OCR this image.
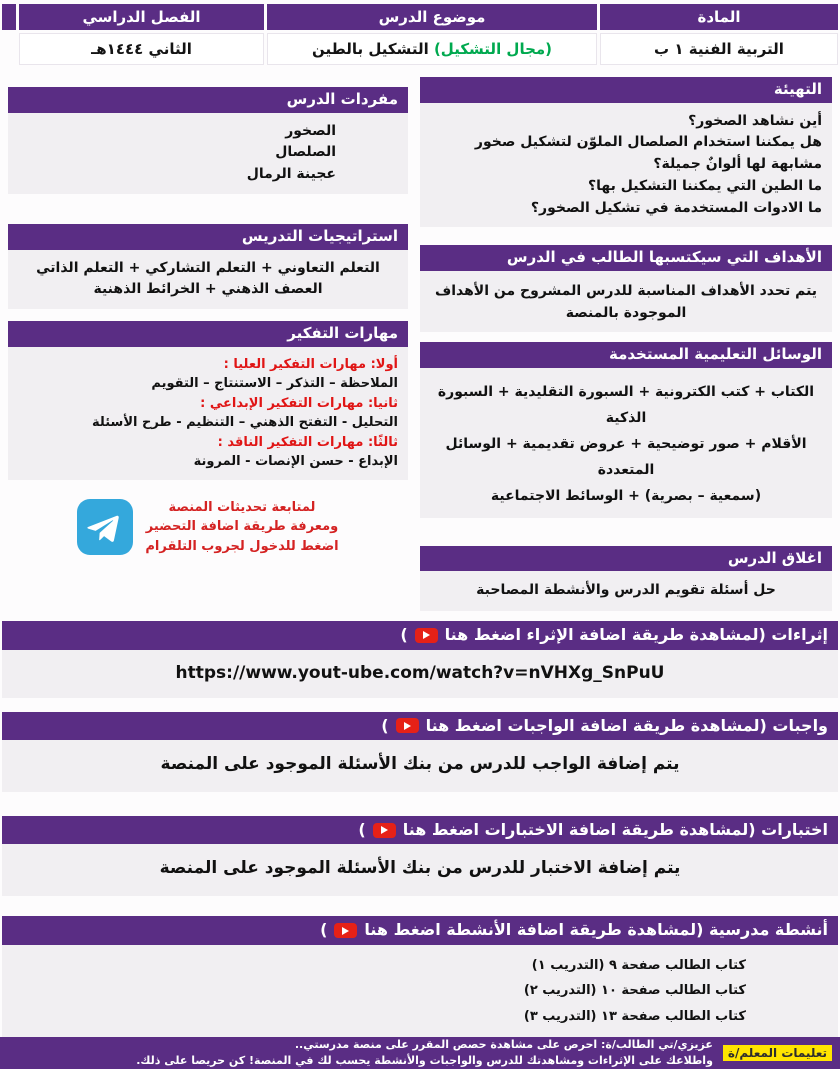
المادة
موضوع الدرس
الفصل الدراسي
التربية الفنية ١ ب
(مجال التشكيل) التشكيل بالطين
الثاني ١٤٤٤هـ
التهيئة
أين نشاهد الصخور؟
هل يمكننا استخدام الصلصال الملوّن لتشكيل صخور مشابهة لها ألوانٌ جميلة؟
ما الطين التي يمكننا التشكيل بها؟
ما الادوات المستخدمة في تشكيل الصخور؟
الأهداف التي سيكتسبها الطالب في الدرس
يتم تحدد الأهداف المناسبة للدرس المشروح من الأهداف الموجودة بالمنصة
الوسائل التعليمية المستخدمة
الكتاب + كتب الكترونية + السبورة التقليدية + السبورة الذكية
الأقلام + صور توضيحية + عروض تقديمية + الوسائل المتعددة
(سمعية – بصرية) + الوسائط الاجتماعية
اغلاق الدرس
حل أسئلة تقويم الدرس والأنشطة المصاحبة
مفردات الدرس
الصخور
الصلصال
عجينة الرمال
استراتيجيات التدريس
التعلم التعاوني + التعلم التشاركي + التعلم الذاتي
العصف الذهني + الخرائط الذهنية
مهارات التفكير
أولا: مهارات التفكير العليا :
الملاحظة – التذكر – الاستنتاج – التقويم
ثانيا: مهارات التفكير الإبداعي :
التحليل - التفتح الذهني – التنظيم - طرح الأسئلة
ثالثًا: مهارات التفكير الناقد :
الإبداع - حسن الإنصات - المرونة
لمتابعة تحديثات المنصة
ومعرفة طريقة اضافة التحضير
اضغط للدخول لجروب التلقرام
إثراءات (لمشاهدة طريقة اضافة الإثراء اضغط هنا
)
https://www.yout-ube.com/watch?v=nVHXg_SnPuU
واجبات (لمشاهدة طريقة اضافة الواجبات اضغط هنا
)
يتم إضافة الواجب للدرس من بنك الأسئلة الموجود على المنصة
اختبارات (لمشاهدة طريقة اضافة الاختبارات اضغط هنا
)
يتم إضافة الاختبار للدرس من بنك الأسئلة الموجود على المنصة
أنشطة مدرسية (لمشاهدة طريقة اضافة الأنشطة اضغط هنا
)
كتاب الطالب صفحة ٩ (التدريب ١)
كتاب الطالب صفحة ١٠ (التدريب ٢)
كتاب الطالب صفحة ١٣ (التدريب ٣)
تعليمات المعلم/ة
عزيزي/تي الطالب/ة: احرص على مشاهدة حصص المقرر على منصة مدرستي..
واطلاعك على الإثراءات ومشاهدتك للدرس والواجبات والأنشطة يحسب لك في المنصة! كن حريصا على ذلك.
